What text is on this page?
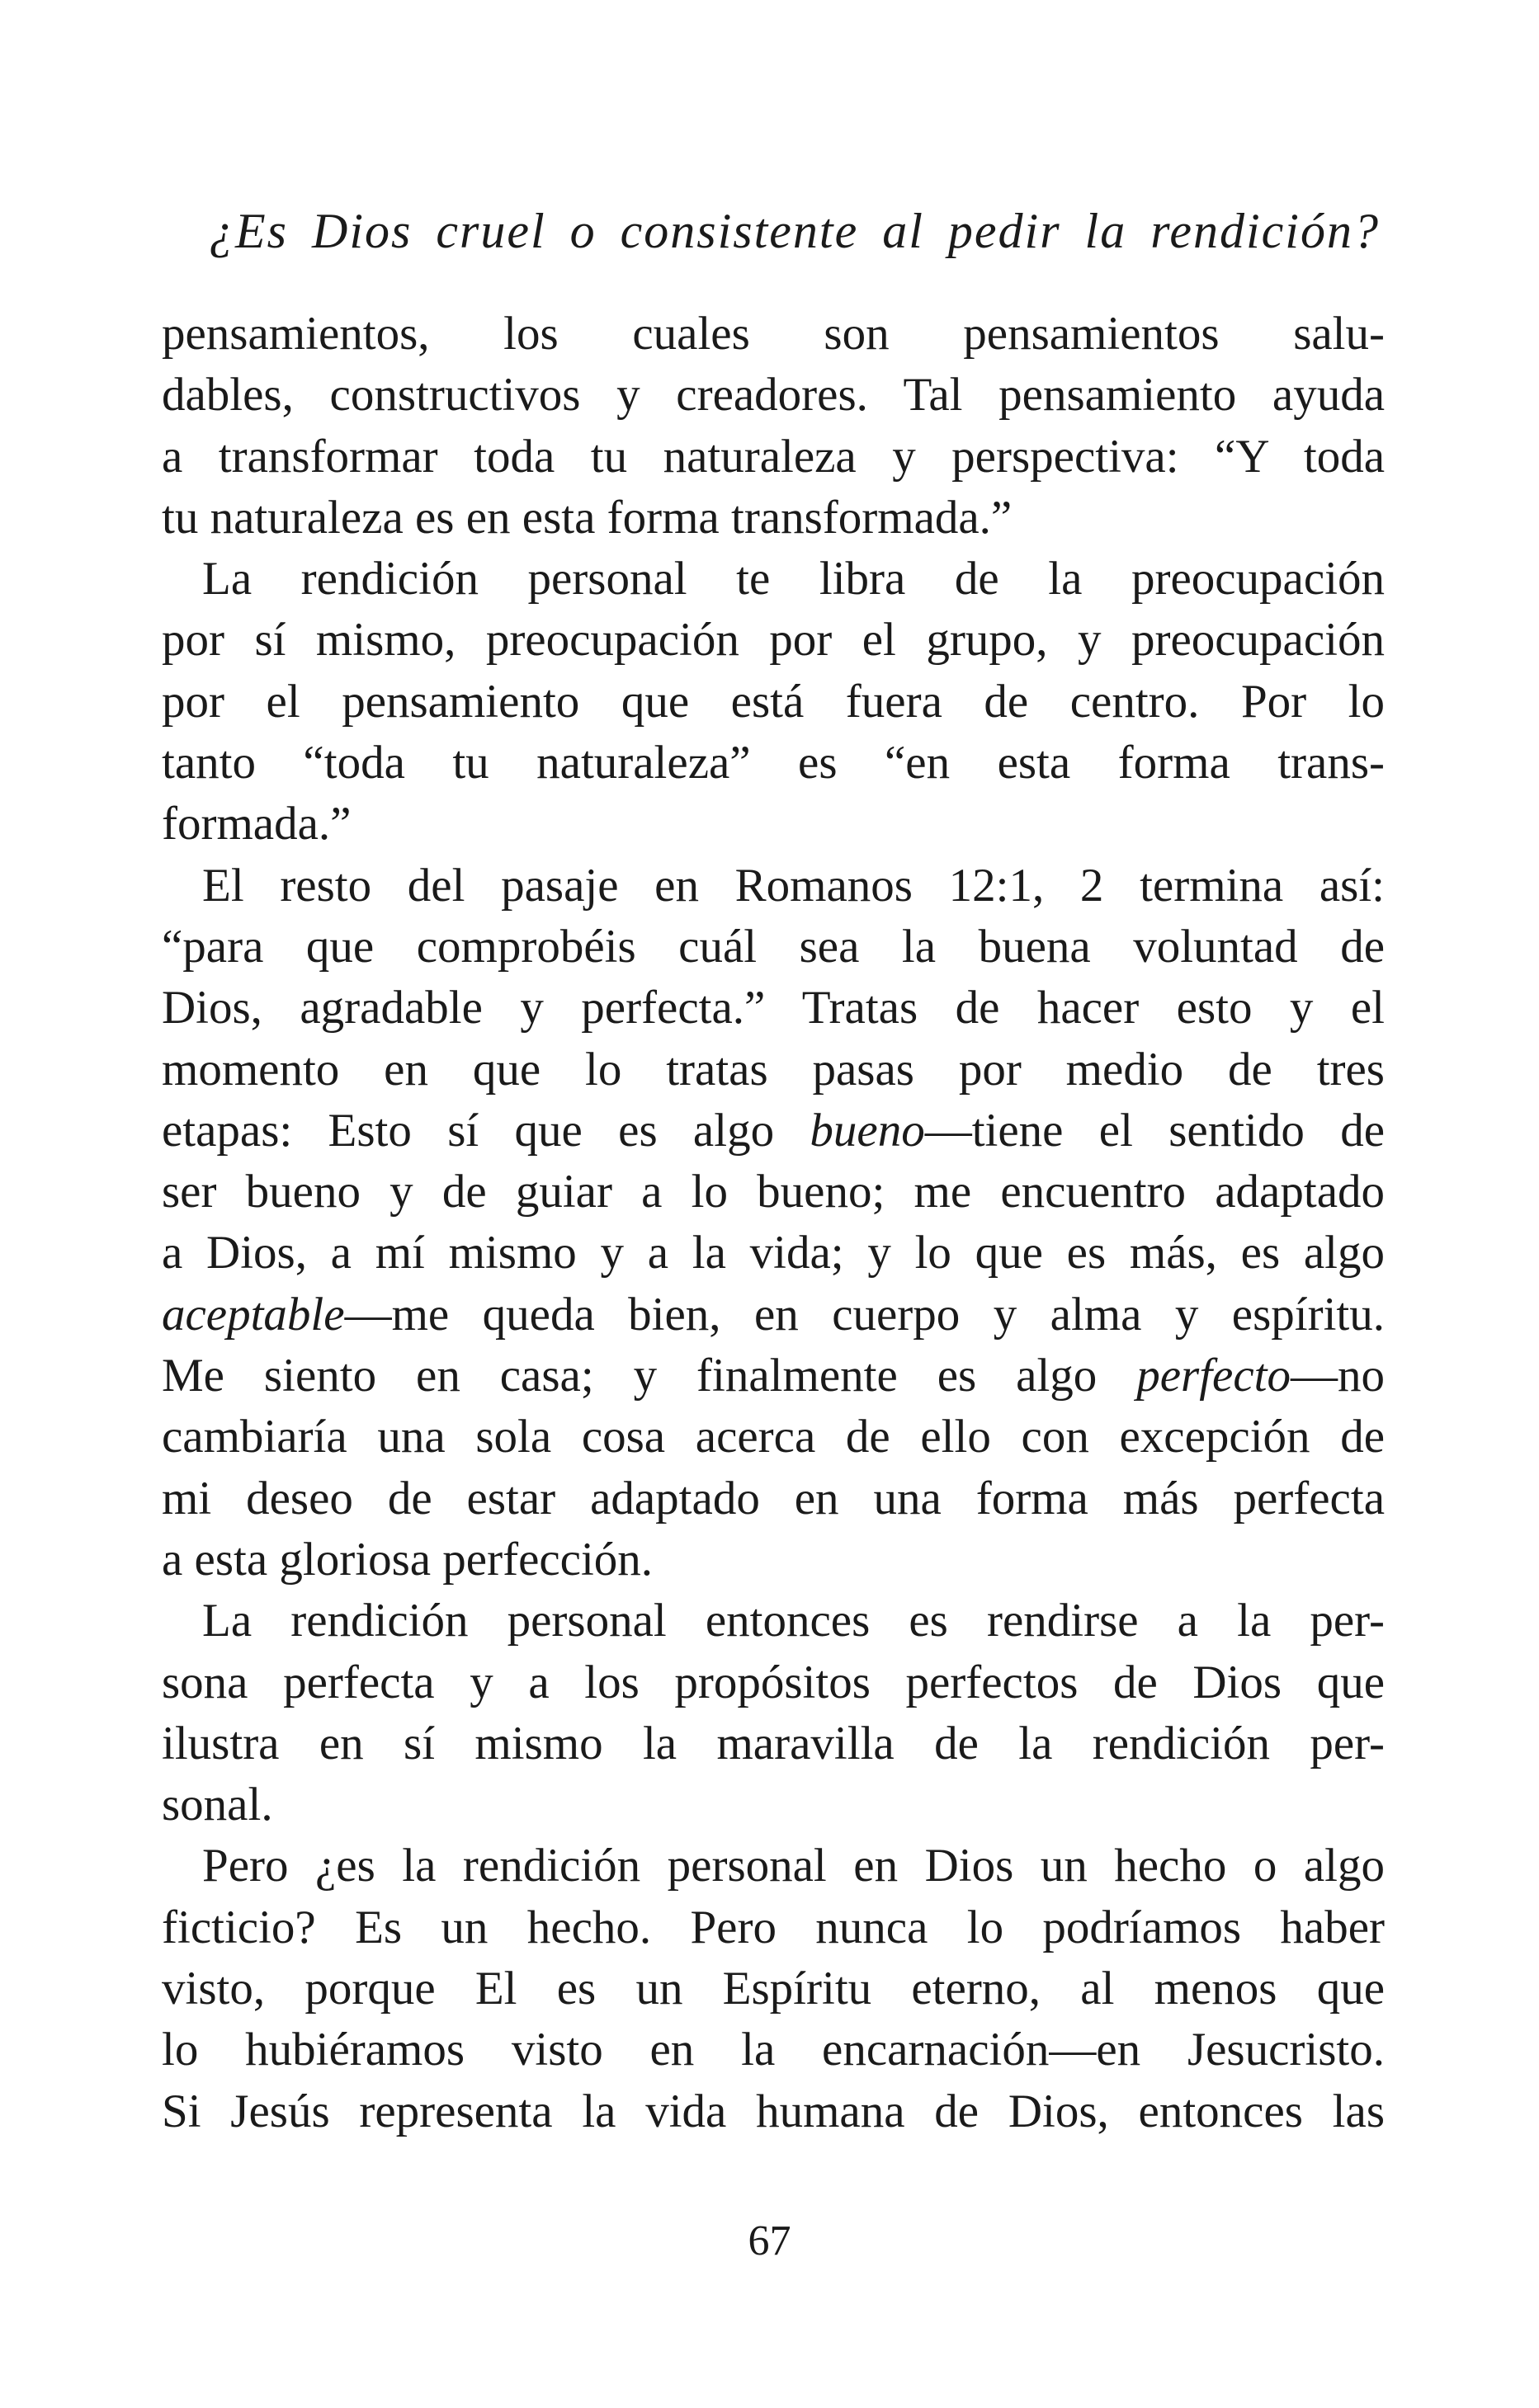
¿Es Dios cruel o consistente al pedir la rendición?
pensamientos, los cuales son pensamientos salu-
dables, constructivos y creadores. Tal pensamiento ayuda
a transformar toda tu naturaleza y perspectiva: “Y toda
tu naturaleza es en esta forma transformada.”
La rendición personal te libra de la preocupación
por sí mismo, preocupación por el grupo, y preocupación
por el pensamiento que está fuera de centro. Por lo
tanto “toda tu naturaleza” es “en esta forma trans-
formada.”
El resto del pasaje en Romanos 12:1, 2 termina así:
“para que comprobéis cuál sea la buena voluntad de
Dios, agradable y perfecta.” Tratas de hacer esto y el
momento en que lo tratas pasas por medio de tres
etapas: Esto sí que es algo bueno—tiene el sentido de
ser bueno y de guiar a lo bueno; me encuentro adaptado
a Dios, a mí mismo y a la vida; y lo que es más, es algo
aceptable—me queda bien, en cuerpo y alma y espíritu.
Me siento en casa; y finalmente es algo perfecto—no
cambiaría una sola cosa acerca de ello con excepción de
mi deseo de estar adaptado en una forma más perfecta
a esta gloriosa perfección.
La rendición personal entonces es rendirse a la per-
sona perfecta y a los propósitos perfectos de Dios que
ilustra en sí mismo la maravilla de la rendición per-
sonal.
Pero ¿es la rendición personal en Dios un hecho o algo
ficticio? Es un hecho. Pero nunca lo podríamos haber
visto, porque El es un Espíritu eterno, al menos que
lo hubiéramos visto en la encarnación—en Jesucristo.
Si Jesús representa la vida humana de Dios, entonces las
67
